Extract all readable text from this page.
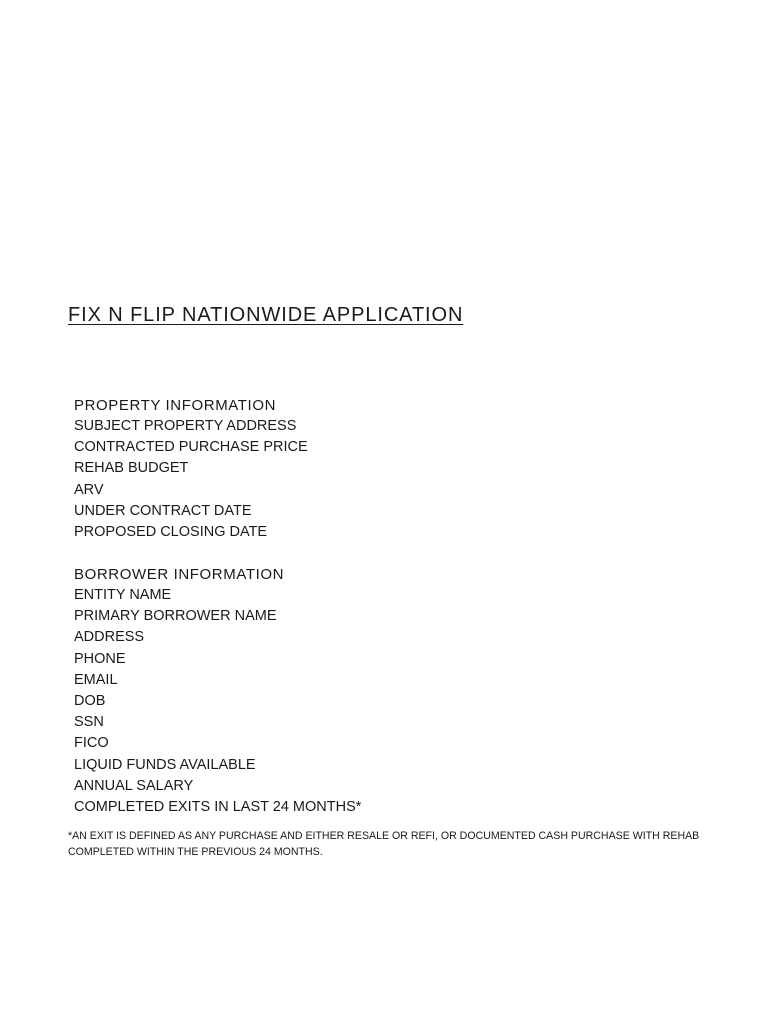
FIX N FLIP NATIONWIDE APPLICATION
PROPERTY INFORMATION
SUBJECT PROPERTY ADDRESS
CONTRACTED PURCHASE PRICE
REHAB BUDGET
ARV
UNDER CONTRACT DATE
PROPOSED CLOSING DATE
BORROWER INFORMATION
ENTITY NAME
PRIMARY BORROWER NAME
ADDRESS
PHONE
EMAIL
DOB
SSN
FICO
LIQUID FUNDS AVAILABLE
ANNUAL SALARY
COMPLETED EXITS IN LAST 24 MONTHS*

*AN EXIT IS DEFINED AS ANY PURCHASE AND EITHER RESALE OR REFI, OR DOCUMENTED CASH PURCHASE WITH REHAB COMPLETED WITHIN THE PREVIOUS 24 MONTHS.
